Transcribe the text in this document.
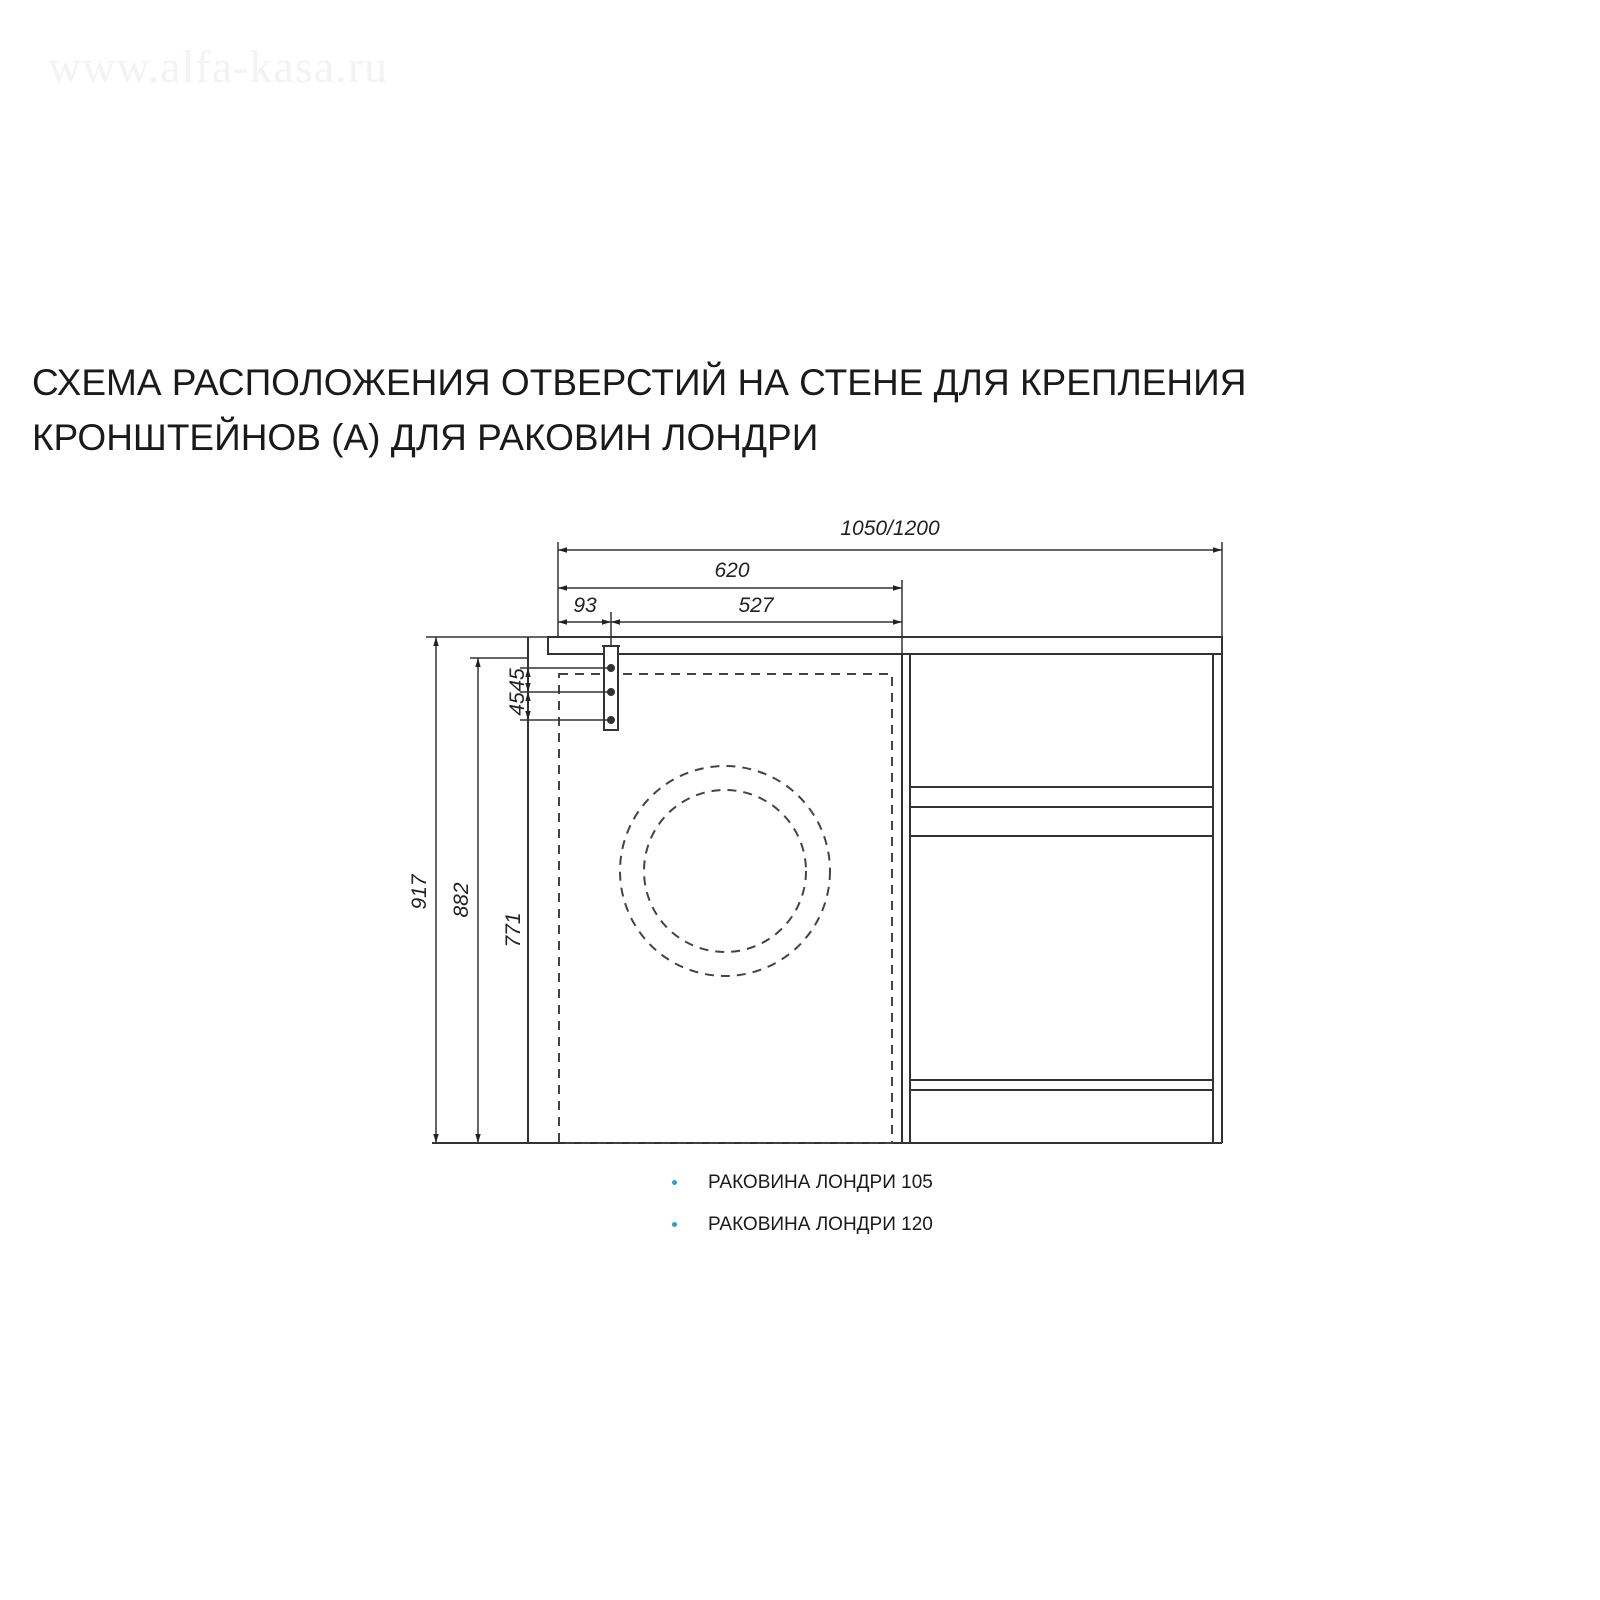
www.alfa-kasa.ru
СХЕМА РАСПОЛОЖЕНИЯ ОТВЕРСТИЙ НА СТЕНЕ ДЛЯ КРЕПЛЕНИЯ
КРОНШТЕЙНОВ (А) ДЛЯ РАКОВИН ЛОНДРИ
1050/1200
620
93	527
917 882
771
45
45
РАКОВИНА ЛОНДРИ 105
РАКОВИНА ЛОНДРИ 120
